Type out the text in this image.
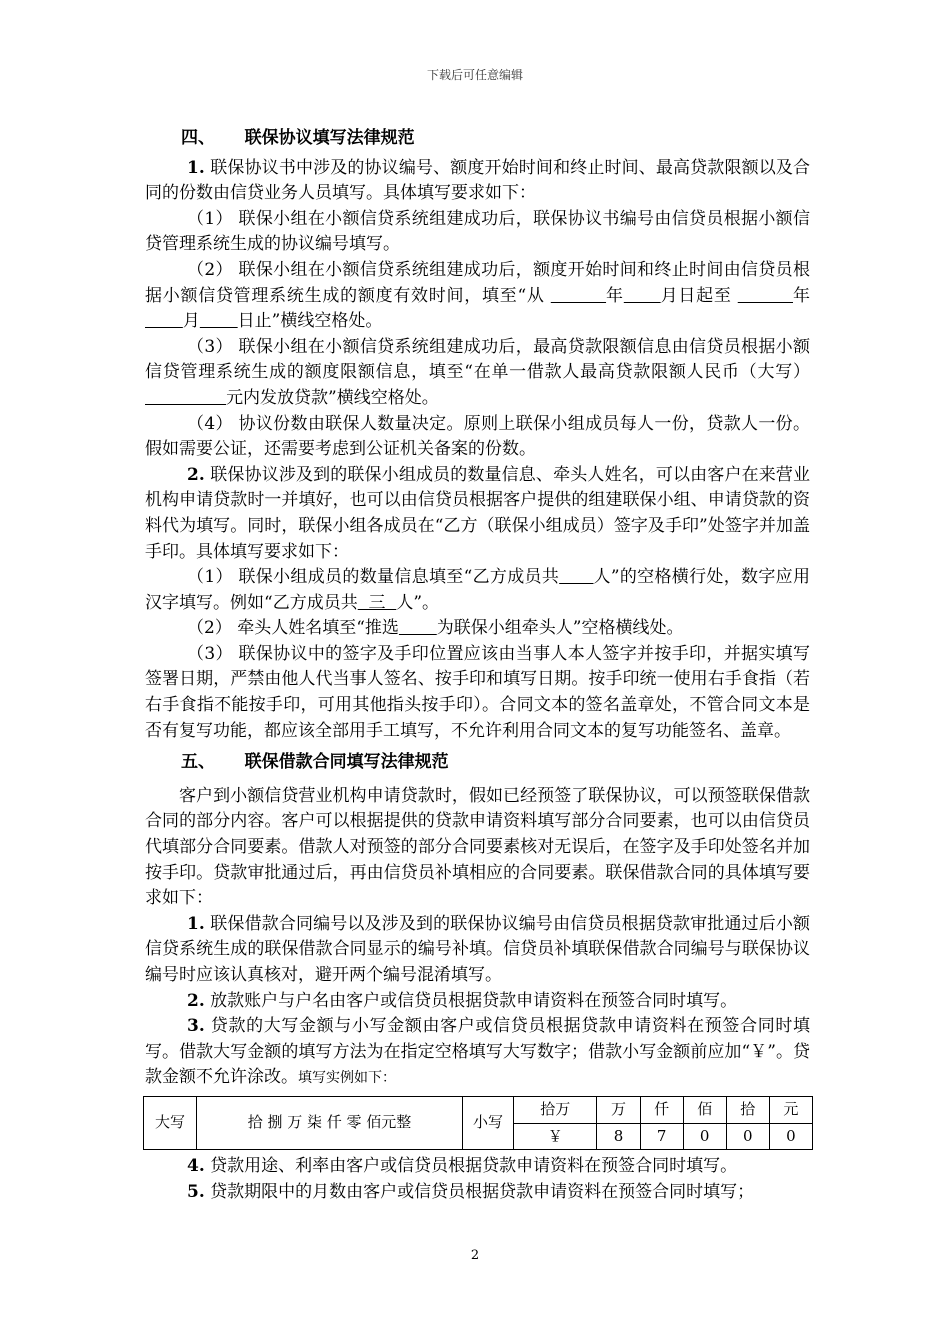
下载后可任意编辑

四、 联保协议填写法律规范

1. 联保协议书中涉及的协议编号、额度开始时间和终止时间、最高贷款限额以及合同的份数由信贷业务人员填写。具体填写要求如下：

（1） 联保小组在小额信贷系统组建成功后，联保协议书编号由信贷员根据小额信贷管理系统生成的协议编号填写。

（2） 联保小组在小额信贷系统组建成功后，额度开始时间和终止时间由信贷员根据小额信贷管理系统生成的额度有效时间，填至“从	年 月日起至	年       月 日止”横线空格处。

（3） 联保小组在小额信贷系统组建成功后，最高贷款限额信息由信贷员根据小额信贷管理系统生成的额度限额信息，填至“在单一借款人最高贷款限额人民币（大写）                元内发放贷款”横线空格处。

（4） 协议份数由联保人数量决定。原则上联保小组成员每人一份，贷款人一份。假如需要公证，还需要考虑到公证机关备案的份数。

2. 联保协议涉及到的联保小组成员的数量信息、牵头人姓名，可以由客户在来营业机构申请贷款时一并填好，也可以由信贷员根据客户提供的组建联保小组、申请贷款的资料代为填写。同时，联保小组各成员在“乙方（联保小组成员）签字及手印”处签字并加盖手印。具体填写要求如下：

（1） 联保小组成员的数量信息填至“乙方成员共 人”的空格横行处，数字应用汉字填写。例如“乙方成员共  三  人”。

（2） 牵头人姓名填至“推选 为联保小组牵头人”空格横线处。

（3） 联保协议中的签字及手印位置应该由当事人本人签字并按手印，并据实填写签署日期，严禁由他人代当事人签名、按手印和填写日期。按手印统一使用右手食指（若右手食指不能按手印，可用其他指头按手印）。合同文本的签名盖章处，不管合同文本是否有复写功能，都应该全部用手工填写，不允许利用合同文本的复写功能签名、盖章。

五、 联保借款合同填写法律规范

客户到小额信贷营业机构申请贷款时，假如已经预签了联保协议，可以预签联保借款合同的部分内容。客户可以根据提供的贷款申请资料填写部分合同要素，也可以由信贷员代填部分合同要素。借款人对预签的部分合同要素核对无误后，在签字及手印处签名并加按手印。贷款审批通过后，再由信贷员补填相应的合同要素。联保借款合同的具体填写要求如下：

1. 联保借款合同编号以及涉及到的联保协议编号由信贷员根据贷款审批通过后小额信贷系统生成的联保借款合同显示的编号补填。信贷员补填联保借款合同编号与联保协议编号时应该认真核对，避开两个编号混淆填写。

2. 放款账户与户名由客户或信贷员根据贷款申请资料在预签合同时填写。

3. 贷款的大写金额与小写金额由客户或信贷员根据贷款申请资料在预签合同时填写。借款大写金额的填写方法为在指定空格填写大写数字；借款小写金额前应加“￥”。贷款金额不允许涂改。填写实例如下：

大写	拾 捌 万 柒 仟 零 佰元整	小写	拾万	万	仟	佰	拾	元
			￥	8	7	0	0	0

4. 贷款用途、利率由客户或信贷员根据贷款申请资料在预签合同时填写。

5. 贷款期限中的月数由客户或信贷员根据贷款申请资料在预签合同时填写；

2
